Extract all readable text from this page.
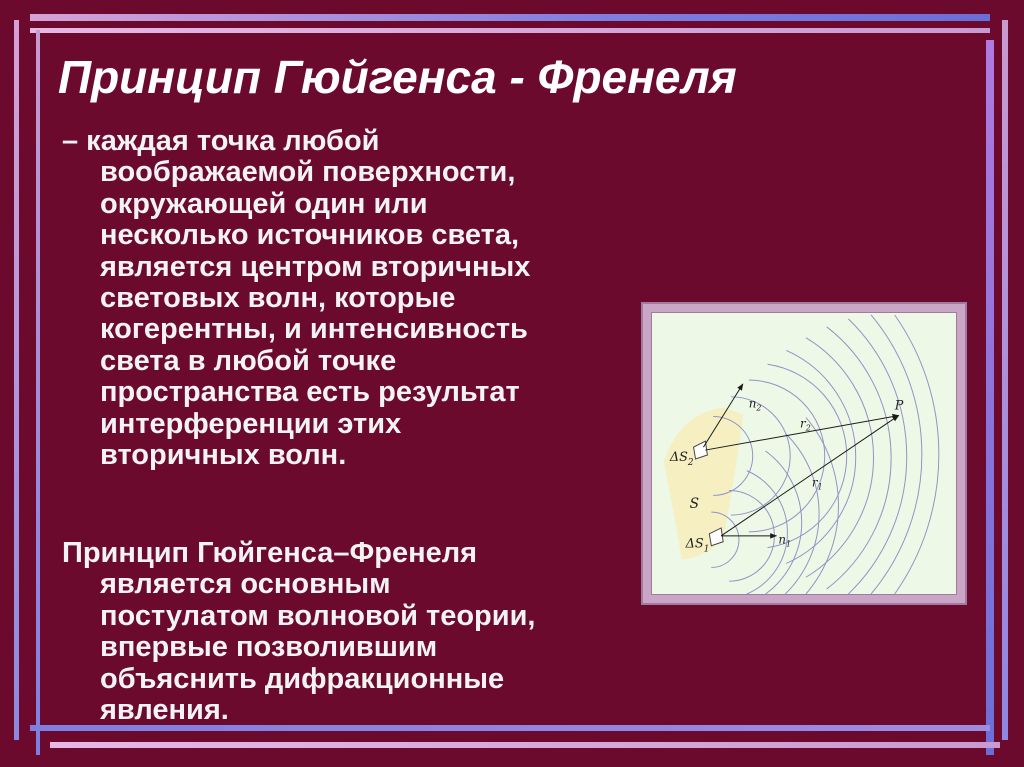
Принцип Гюйгенса - Френеля
– каждая точка любой
воображаемой поверхности,
окружающей один или
несколько источников света,
является центром вторичных
световых волн, которые
когерентны, и интенсивность
света в любой точке
пространства есть результат
интерференции этих
вторичных волн.
Принцип Гюйгенса–Френеля
является основным
постулатом волновой теории,
впервые позволившим
объяснить дифракционные
явления.
S
P
$\Delta S_2$
$\Delta S_1$
$n_2$
$r_2$
$r_1$
$n_1$
